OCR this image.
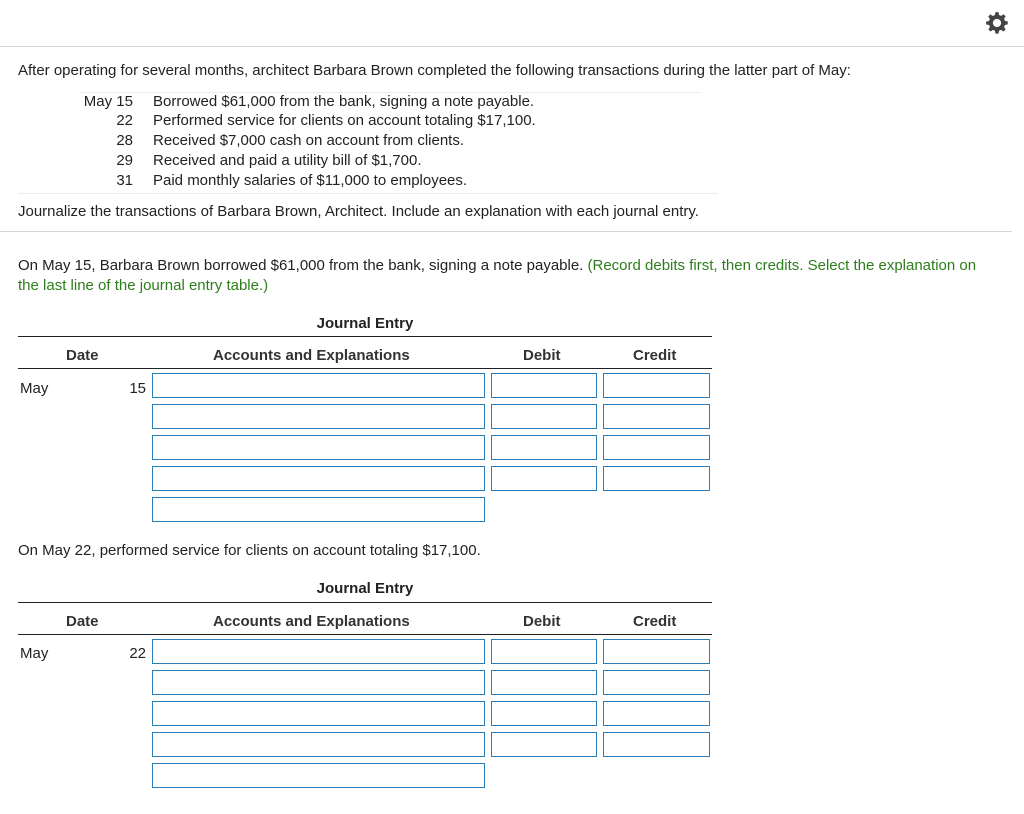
After operating for several months, architect Barbara Brown completed the following transactions during the latter part of May:
May 15 Borrowed $61,000 from the bank, signing a note payable.
22 Performed service for clients on account totaling $17,100.
28 Received $7,000 cash on account from clients.
29 Received and paid a utility bill of $1,700.
31 Paid monthly salaries of $11,000 to employees.
Journalize the transactions of Barbara Brown, Architect. Include an explanation with each journal entry.
On May 15, Barbara Brown borrowed $61,000 from the bank, signing a note payable. (Record debits first, then credits. Select the explanation on the last line of the journal entry table.)
Journal Entry
Date	Accounts and Explanations	Debit	Credit
May	15
On May 22, performed service for clients on account totaling $17,100.
Journal Entry
Date	Accounts and Explanations	Debit	Credit
May	22
